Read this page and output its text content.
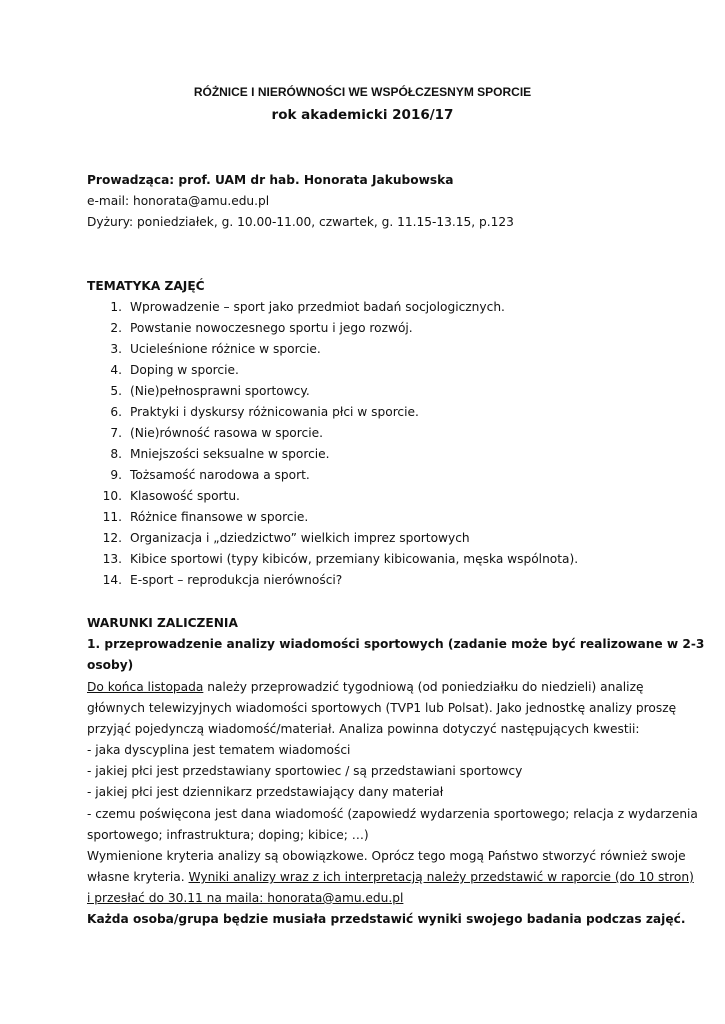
RÓŻNICE I NIERÓWNOŚCI WE WSPÓŁCZESNYM SPORCIE
rok akademicki 2016/17
Prowadząca: prof. UAM dr hab. Honorata Jakubowska
e-mail: honorata@amu.edu.pl
Dyżury: poniedziałek, g. 10.00-11.00, czwartek, g. 11.15-13.15, p.123
TEMATYKA ZAJĘĆ
1. Wprowadzenie – sport jako przedmiot badań socjologicznych.
2. Powstanie nowoczesnego sportu i jego rozwój.
3. Ucieleśnione różnice w sporcie.
4. Doping w sporcie.
5. (Nie)pełnosprawni sportowcy.
6. Praktyki i dyskursy różnicowania płci w sporcie.
7. (Nie)równość rasowa w sporcie.
8. Mniejszości seksualne w sporcie.
9. Tożsamość narodowa a sport.
10. Klasowość sportu.
11. Różnice finansowe w sporcie.
12. Organizacja i „dziedzictwo” wielkich imprez sportowych
13. Kibice sportowi (typy kibiców, przemiany kibicowania, męska wspólnota).
14. E-sport – reprodukcja nierówności?
WARUNKI ZALICZENIA
1. przeprowadzenie analizy wiadomości sportowych (zadanie może być realizowane w 2-3
osoby)
Do końca listopada należy przeprowadzić tygodniową (od poniedziałku do niedzieli) analizę
głównych telewizyjnych wiadomości sportowych (TVP1 lub Polsat). Jako jednostkę analizy proszę
przyjąć pojedynczą wiadomość/materiał. Analiza powinna dotyczyć następujących kwestii:
- jaka dyscyplina jest tematem wiadomości
- jakiej płci jest przedstawiany sportowiec / są przedstawiani sportowcy
- jakiej płci jest dziennikarz przedstawiający dany materiał
- czemu poświęcona jest dana wiadomość (zapowiedź wydarzenia sportowego; relacja z wydarzenia
sportowego; infrastruktura; doping; kibice; …)
Wymienione kryteria analizy są obowiązkowe. Oprócz tego mogą Państwo stworzyć również swoje
własne kryteria. Wyniki analizy wraz z ich interpretacją należy przedstawić w raporcie (do 10 stron)
i przesłać do 30.11 na maila: honorata@amu.edu.pl
Każda osoba/grupa będzie musiała przedstawić wyniki swojego badania podczas zajęć.
